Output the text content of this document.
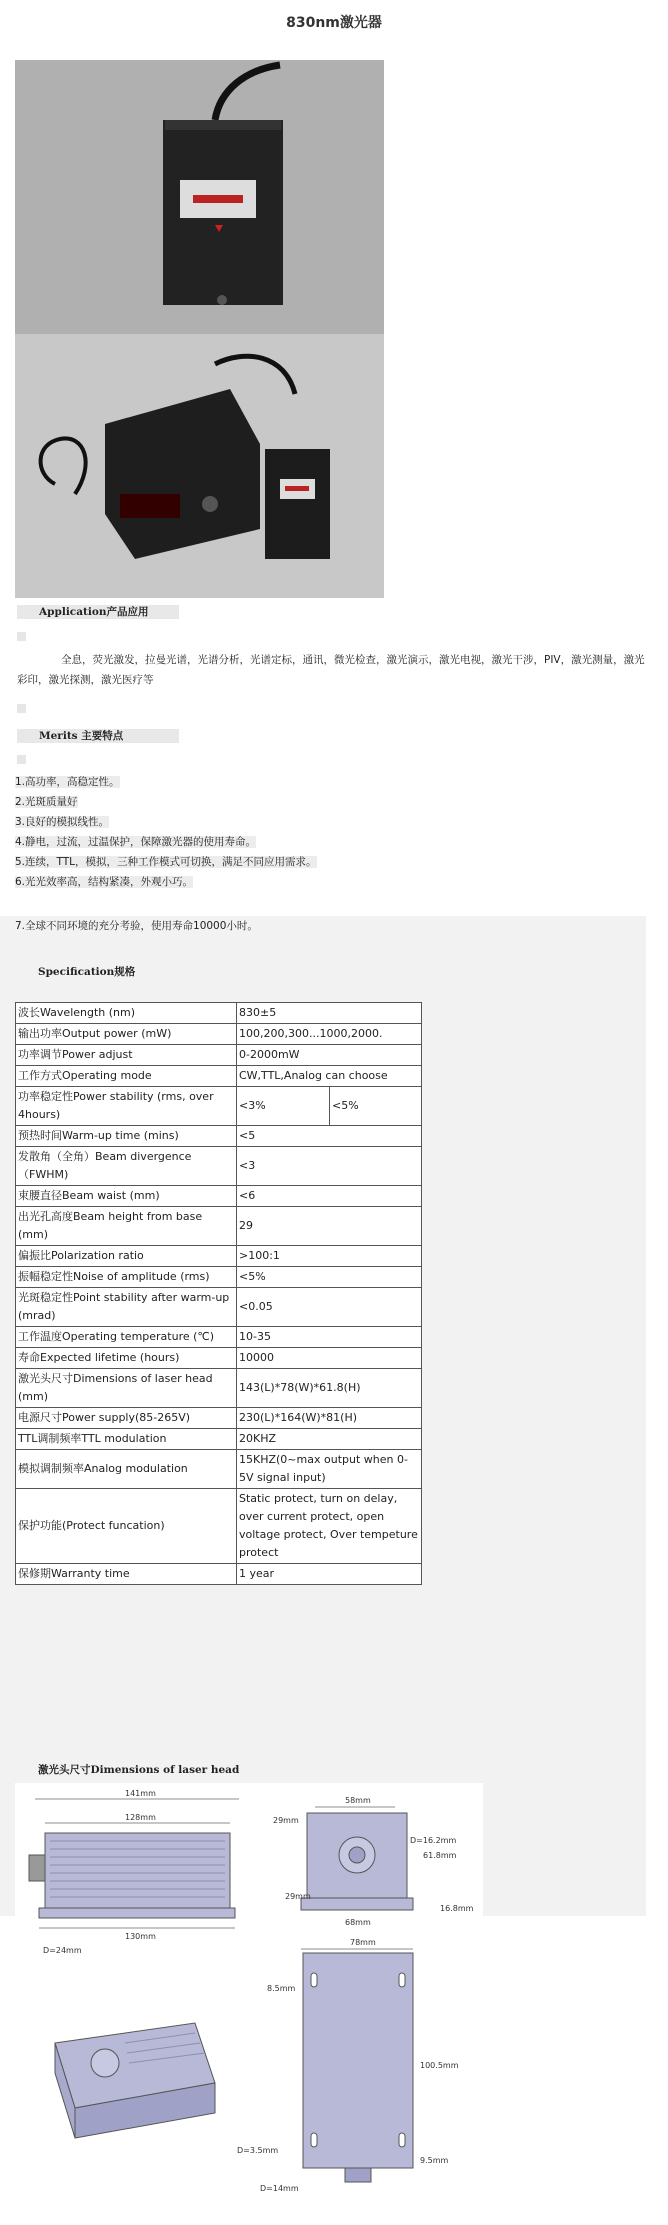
830nm激光器
Application产品应用
全息，荧光激发，拉曼光谱，光谱分析，光谱定标，通讯，微光检查，激光演示，激光电视，激光干涉，PIV，激光测量，激光彩印，激光探测，激光医疗等
Merits 主要特点
1.高功率，高稳定性。
2.光斑质量好
3.良好的模拟线性。
4.静电，过流，过温保护，保障激光器的使用寿命。
5.连续，TTL，模拟，三种工作模式可切换，满足不同应用需求。
6.光光效率高，结构紧凑，外观小巧。
7.全球不同环境的充分考验，使用寿命10000小时。
Specification规格
波长Wavelength (nm)	830±5	
输出功率Output power (mW)	100,200,300...1000,2000.	
功率调节Power adjust	0-2000mW	
工作方式Operating mode	CW,TTL,Analog can choose	
功率稳定性Power stability (rms, over 4hours)	<3%	<5%
预热时间Warm-up time (mins)	<5	
发散角（全角）Beam divergence （FWHM)	<3	
束腰直径Beam waist (mm)	<6	
出光孔高度Beam height from base (mm)	29	
偏振比Polarization ratio	>100:1	
振幅稳定性Noise of amplitude (rms)	<5%	
光斑稳定性Point stability after warm-up (mrad)	<0.05	
工作温度Operating temperature (℃)	10-35	
寿命Expected lifetime (hours)	10000	
激光头尺寸Dimensions of laser head (mm)	143(L)*78(W)*61.8(H)	
电源尺寸Power supply(85-265V)	230(L)*164(W)*81(H)	
TTL调制频率TTL modulation	20KHZ	
模拟调制频率Analog modulation	15KHZ(0~max output when 0-5V signal input)	
保护功能(Protect funcation)	Static protect, turn on delay, over current protect, open voltage protect, Over tempeture protect	
保修期Warranty time	1 year	
激光头尺寸Dimensions of laser head
141mm
128mm
130mm
D=24mm
58mm
29mm
D=16.2mm
61.8mm
29mm
68mm
16.8mm
78mm
8.5mm
100.5mm
D=3.5mm
9.5mm
D=14mm
